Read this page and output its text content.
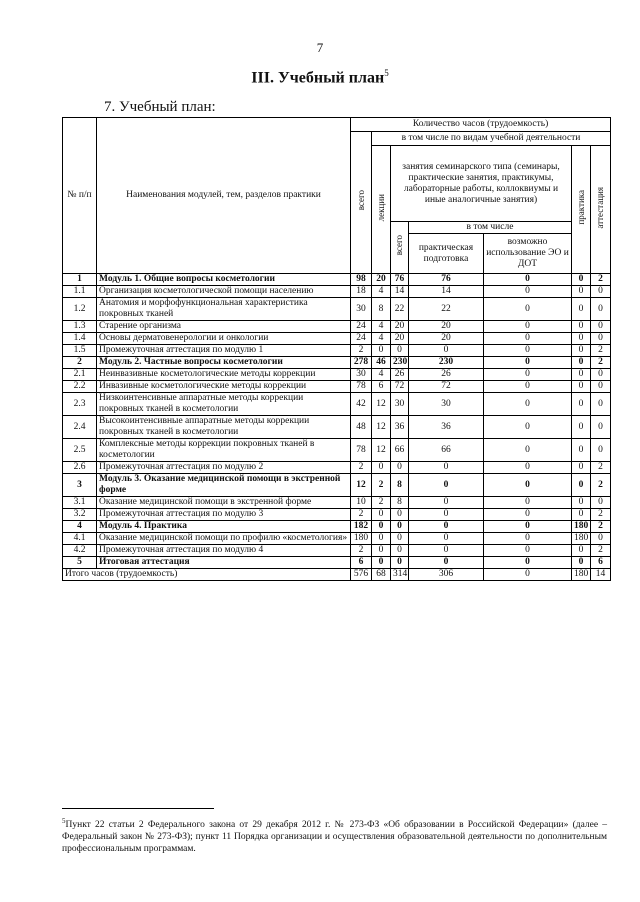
7
III. Учебный план$^5$
7. Учебный план:
№ п/п	Наименования модулей, тем, разделов практики	Количество часов (трудоемкость)						
		всего	в том числе по видам учебной деятельности					
			лекции	занятия семинарского типа (семинары, практические занятия, практикумы, лабораторные работы, коллоквиумы и иные аналогичные занятия)			практика	аттестация
				всего	в том числе			
					практическая подготовка	возможно использование ЭО и ДОТ		
1	Модуль 1. Общие вопросы косметологии	98	20	76	76	0	0	2
1.1	Организация косметологической помощи населению	18	4	14	14	0	0	0
1.2	Анатомия и морфофункциональная характеристика покровных тканей	30	8	22	22	0	0	0
1.3	Старение организма	24	4	20	20	0	0	0
1.4	Основы дерматовенерологии и онкологии	24	4	20	20	0	0	0
1.5	Промежуточная аттестация по модулю 1	2	0	0	0	0	0	2
2	Модуль 2. Частные вопросы косметологии	278	46	230	230	0	0	2
2.1	Неинвазивные косметологические методы коррекции	30	4	26	26	0	0	0
2.2	Инвазивные косметологические методы коррекции	78	6	72	72	0	0	0
2.3	Низкоинтенсивные аппаратные методы коррекции покровных тканей в косметологии	42	12	30	30	0	0	0
2.4	Высокоинтенсивные аппаратные методы коррекции покровных тканей в косметологии	48	12	36	36	0	0	0
2.5	Комплексные методы коррекции покровных тканей в косметологии	78	12	66	66	0	0	0
2.6	Промежуточная аттестация по модулю 2	2	0	0	0	0	0	2
3	Модуль 3. Оказание медицинской помощи в экстренной форме	12	2	8	0	0	0	2
3.1	Оказание медицинской помощи в экстренной форме	10	2	8	0	0	0	0
3.2	Промежуточная аттестация по модулю 3	2	0	0	0	0	0	2
4	Модуль 4. Практика	182	0	0	0	0	180	2
4.1	Оказание медицинской помощи по профилю «косметология»	180	0	0	0	0	180	0
4.2	Промежуточная аттестация по модулю 4	2	0	0	0	0	0	2
5	Итоговая аттестация	6	0	0	0	0	0	6
Итого часов (трудоемкость)		576	68	314	306	0	180	14
$^5$Пункт 22 статьи 2 Федерального закона от 29 декабря 2012 г. № 273-ФЗ «Об образовании в Российской Федерации» (далее – Федеральный закон № 273-ФЗ); пункт 11 Порядка организации и осуществления образовательной деятельности по дополнительным профессиональным программам.
